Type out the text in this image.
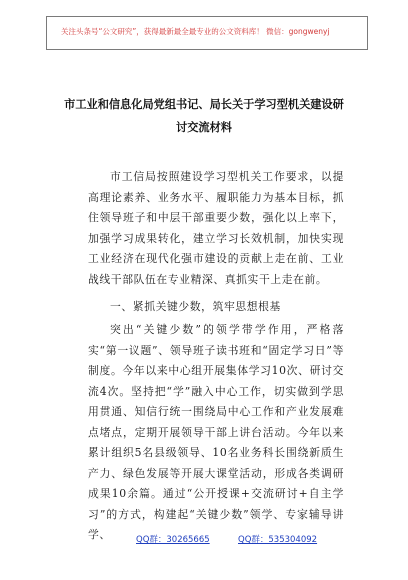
关注头条号“公文研究”，获得最新最全最专业的公文资料库！ 微信：gongwenyj
市工业和信息化局党组书记、局长关于学习型机关建设研
讨交流材料

市工信局按照建设学习型机关工作要求，以提高理论素养、业务水平、履职能力为基本目标，抓住领导班子和中层干部重要少数，强化以上率下，加强学习成果转化，建立学习长效机制，加快实现工业经济在现代化强市建设的贡献上走在前、工业战线干部队伍在专业精深、真抓实干上走在前。

一、紧抓关键少数，筑牢思想根基

突出“关键少数”的领学带学作用，严格落实“第一议题”、领导班子读书班和“固定学习日”等制度。今年以来中心组开展集体学习10次、研讨交流4次。坚持把“学”融入中心工作，切实做到学思用贯通、知信行统一围绕局中心工作和产业发展难点堵点，定期开展领导干部上讲台活动。今年以来累计组织5名县级领导、10名业务科长围绕新质生产力、绿色发展等开展大课堂活动，形成各类调研成果10余篇。通过“公开授课+交流研讨+自主学习”的方式，构建起“关键少数”领学、专家辅导讲学、	QQ群：30265665	QQ群：535304092
